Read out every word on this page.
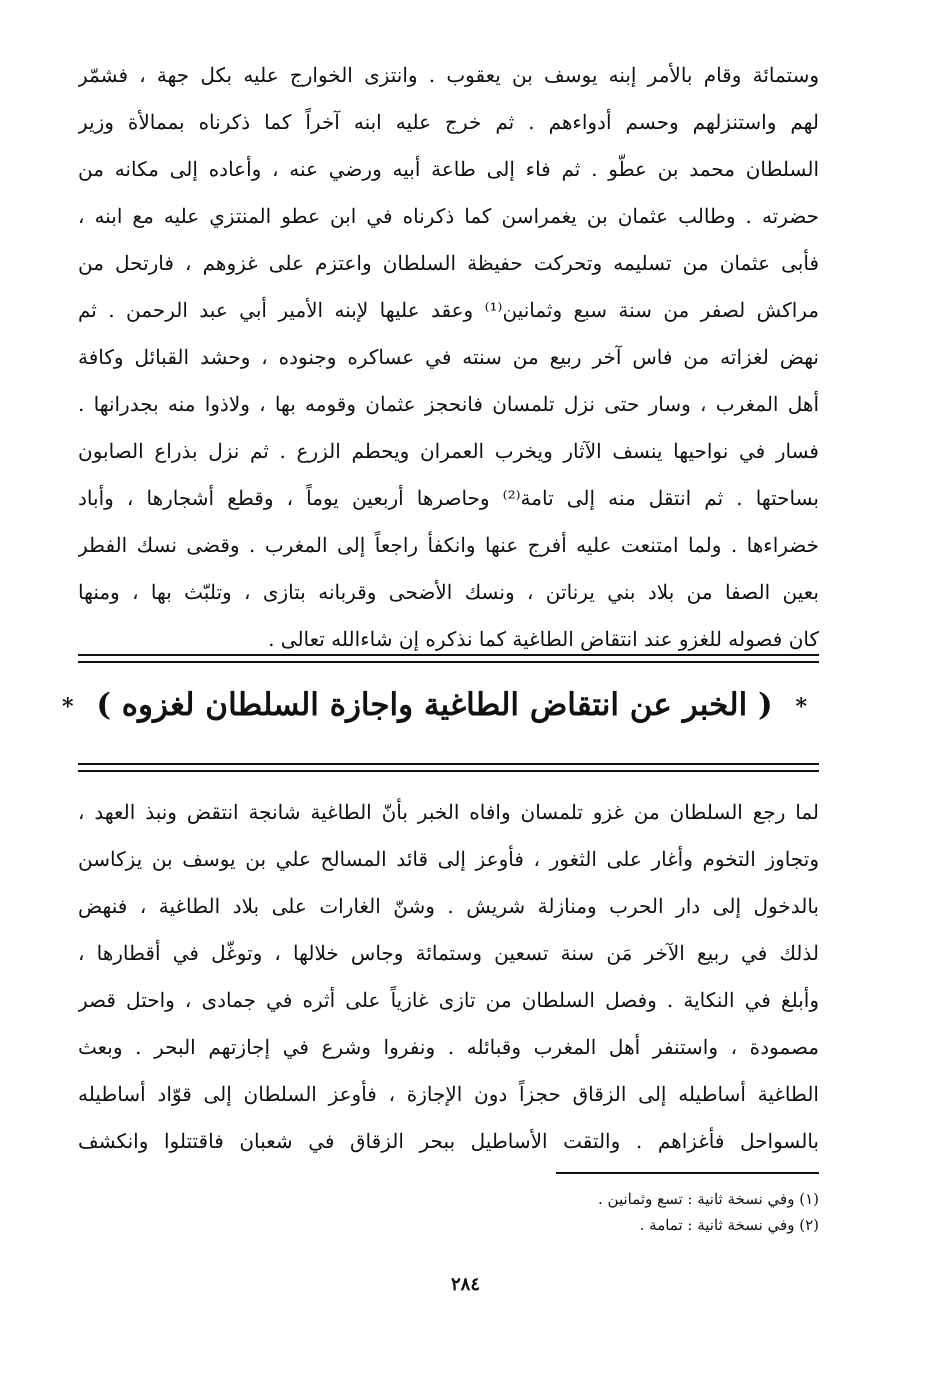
وستمائة وقام بالأمر إبنه يوسف بن يعقوب . وانتزى الخوارج عليه بكل جهة ، فشمّر
لهم واستنزلهم وحسم أدواءهم . ثم خرج عليه ابنه آخراً كما ذكرناه بممالأة وزير
السلطان محمد بن عطّو . ثم فاء إلى طاعة أبيه ورضي عنه ، وأعاده إلى مكانه من
حضرته . وطالب عثمان بن يغمراسن كما ذكرناه في ابن عطو المنتزي عليه مع ابنه ،
فأبى عثمان من تسليمه وتحركت حفيظة السلطان واعتزم على غزوهم ، فارتحل من
مراكش لصفر من سنة سبع وثمانين⁽¹⁾ وعقد عليها لإبنه الأمير أبي عبد الرحمن . ثم
نهض لغزاته من فاس آخر ربيع من سنته في عساكره وجنوده ، وحشد القبائل وكافة
أهل المغرب ، وسار حتى نزل تلمسان فانحجز عثمان وقومه بها ، ولاذوا منه بجدرانها .
فسار في نواحيها ينسف الآثار ويخرب العمران ويحطم الزرع . ثم نزل بذراع الصابون
بساحتها . ثم انتقل منه إلى تامة⁽²⁾ وحاصرها أربعين يوماً ، وقطع أشجارها ، وأباد
خضراءها . ولما امتنعت عليه أفرج عنها وانكفأ راجعاً إلى المغرب . وقضى نسك الفطر
بعين الصفا من بلاد بني يرناتن ، ونسك الأضحى وقربانه بتازى ، وتلبّث بها ، ومنها
كان فصوله للغزو عند انتقاض الطاغية كما نذكره إن شاءالله تعالى .
* ( الخبر عن انتقاض الطاغية واجازة السلطان لغزوه ) *
لما رجع السلطان من غزو تلمسان وافاه الخبر بأنّ الطاغية شانجة انتقض ونبذ العهد ،
وتجاوز التخوم وأغار على الثغور ، فأوعز إلى قائد المسالح علي بن يوسف بن يزكاسن
بالدخول إلى دار الحرب ومنازلة شريش . وشنّ الغارات على بلاد الطاغية ، فنهض
لذلك في ربيع الآخر مَن سنة تسعين وستمائة وجاس خلالها ، وتوغّل في أقطارها ،
وأبلغ في النكاية . وفصل السلطان من تازى غازياً على أثره في جمادى ، واحتل قصر
مصمودة ، واستنفر أهل المغرب وقبائله . ونفروا وشرع في إجازتهم البحر . وبعث
الطاغية أساطيله إلى الزقاق حجزاً دون الإجازة ، فأوعز السلطان إلى قوّاد أساطيله
بالسواحل فأغزاهم . والتقت الأساطيل ببحر الزقاق في شعبان فاقتتلوا وانكشف
(١) وفي نسخة ثانية : تسع وثمانين .
(٢) وفي نسخة ثانية : تمامة .
٢٨٤
